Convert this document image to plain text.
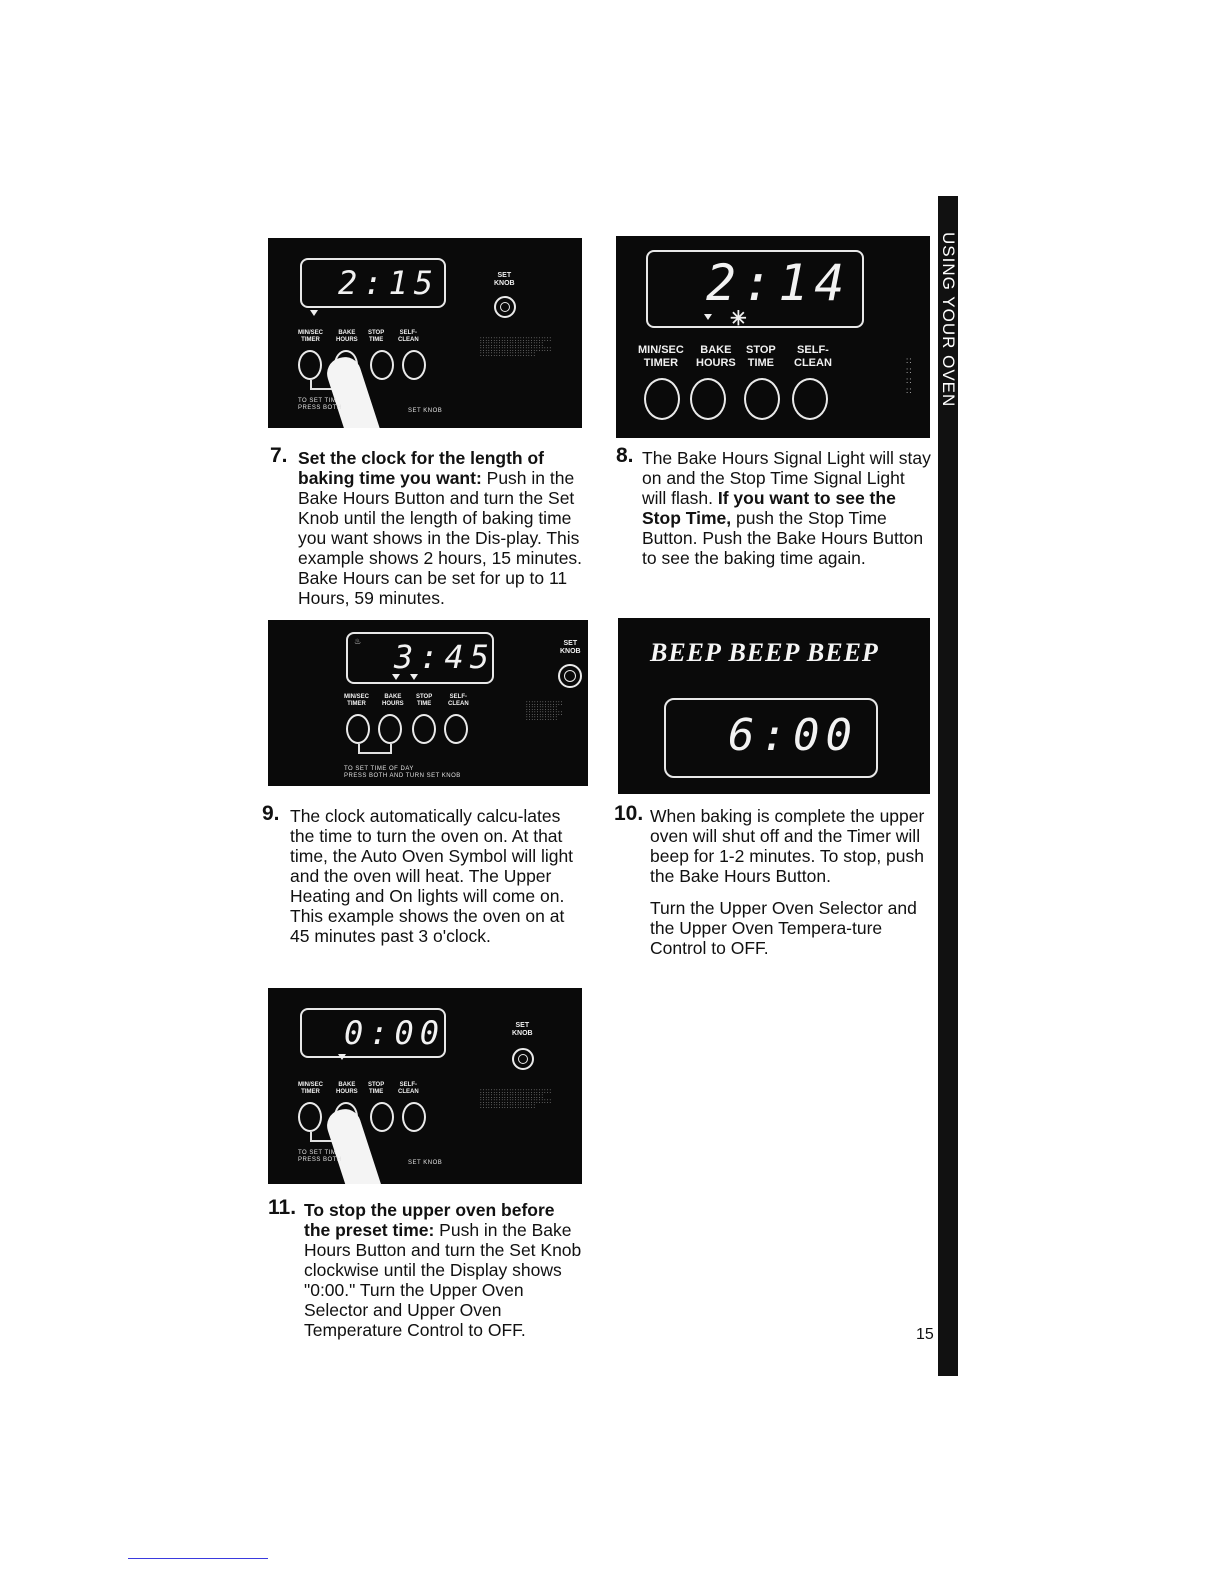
USING YOUR OVEN
2:15	SET
KNOB
MIN/SEC
TIMER
BAKE
HOURS
STOP
TIME
SELF-
CLEAN
TO SET TIM
PRESS BOTH	SET KNOB
:::::::::::::::::::::::::::
::::::::::::::::::::::::
:::::::::::::::::::::::::::
:::::::::::::::::::::
7. Set the clock for the length of baking time you want: Push in the Bake Hours Button and turn the Set Knob until the length of baking time you want shows in the Dis-play. This example shows 2 hours, 15 minutes. Bake Hours can be set for up to 11 Hours, 59 minutes.
2:14
✳
MIN/SEC
TIMER
BAKE
HOURS
STOP
TIME
SELF-
CLEAN	::
::
::
::
8. The Bake Hours Signal Light will stay on and the Stop Time Signal Light will flash. If you want to see the Stop Time, push the Stop Time Button. Push the Bake Hours Button to see the baking time again.
♨ 3:45	SET
KNOB
MIN/SEC
TIMER
BAKE
HOURS
STOP
TIME
SELF-
CLEAN
TO SET TIME OF DAY
PRESS BOTH AND TURN SET KNOB
::::::::::::::
::::::::::::
::::::::::::::
::::::::::::
9. The clock automatically calcu-lates the time to turn the oven on. At that time, the Auto Oven Symbol will light and the oven will heat. The Upper Heating and On lights will come on. This example shows the oven on at 45 minutes past 3 o'clock.
BEEP BEEP BEEP
6:00
10. When baking is complete the upper oven will shut off and the Timer will beep for 1-2 minutes. To stop, push the Bake Hours Button.

Turn the Upper Oven Selector and the Upper Oven Tempera-ture Control to OFF.

0:00	SET
KNOB
MIN/SEC
TIMER
BAKE
HOURS
STOP
TIME
SELF-
CLEAN
TO SET TIM
PRESS BOTH	SET KNOB
:::::::::::::::::::::::::::
::::::::::::::::::::::::
:::::::::::::::::::::::::::
:::::::::::::::::::::
11. To stop the upper oven before the preset time: Push in the Bake Hours Button and turn the Set Knob clockwise until the Display shows "0:00." Turn the Upper Oven Selector and Upper Oven Temperature Control to OFF.	15
